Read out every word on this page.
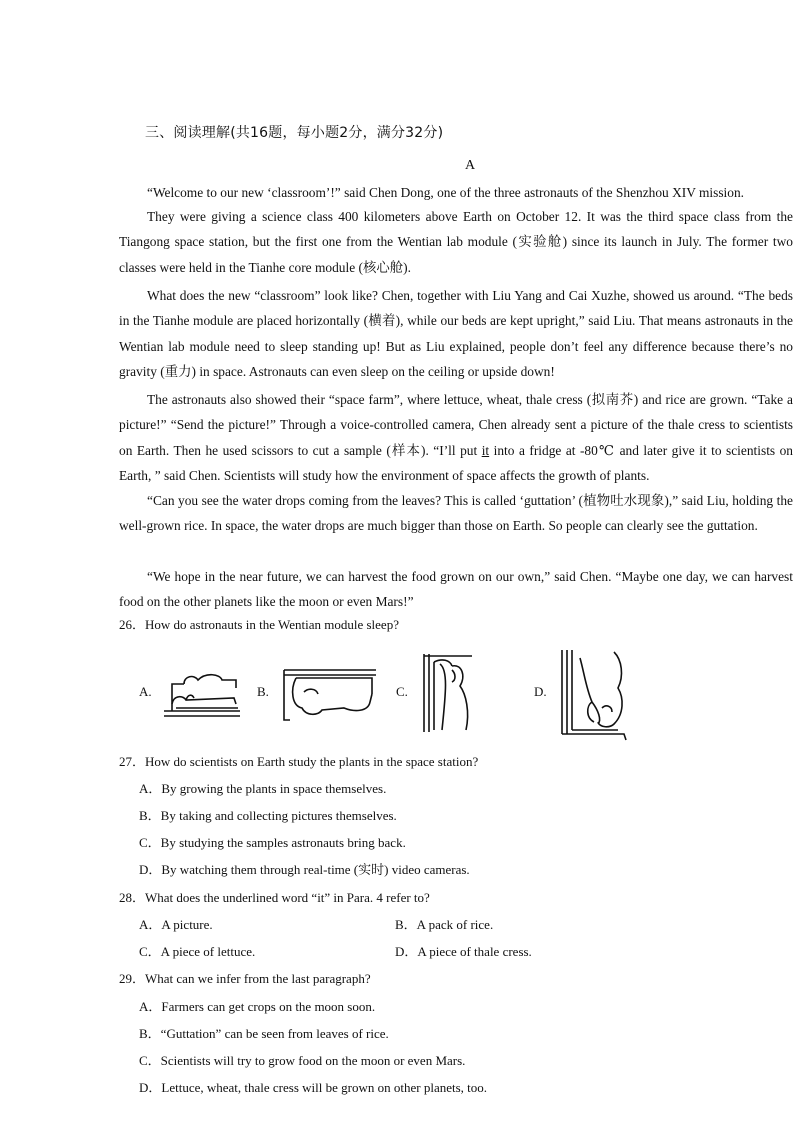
三、阅读理解(共16题，每小题2分，满分32分)
A

“Welcome to our new ‘classroom’!” said Chen Dong, one of the three astronauts of the Shenzhou XIV mission.

They were giving a science class 400 kilometers above Earth on October 12. It was the third space class from the Tiangong space station, but the first one from the Wentian lab module (实验舱) since its launch in July. The former two classes were held in the Tianhe core module (核心舱).

What does the new “classroom” look like? Chen, together with Liu Yang and Cai Xuzhe, showed us around. “The beds in the Tianhe module are placed horizontally (横着), while our beds are kept upright,” said Liu. That means astronauts in the Wentian lab module need to sleep standing up! But as Liu explained, people don’t feel any difference because there’s no gravity (重力) in space. Astronauts can even sleep on the ceiling or upside down!

The astronauts also showed their “space farm”, where lettuce, wheat, thale cress (拟南芥) and rice are grown. “Take a picture!” “Send the picture!” Through a voice-controlled camera, Chen already sent a picture of the thale cress to scientists on Earth. Then he used scissors to cut a sample (样本). “I’ll put it into a fridge at -80℃ and later give it to scientists on Earth, ” said Chen. Scientists will study how the environment of space affects the growth of plants.

“Can you see the water drops coming from the leaves? This is called ‘guttation’ (植物吐水现象),” said Liu, holding the well-grown rice. In space, the water drops are much bigger than those on Earth. So people can clearly see the guttation.

“We hope in the near future, we can harvest the food grown on our own,” said Chen. “Maybe one day, we can harvest food on the other planets like the moon or even Mars!”

26．How do astronauts in the Wentian module sleep?
A.	B.	C.	D.
27．How do scientists on Earth study the plants in the space station?
A．By growing the plants in space themselves.
B．By taking and collecting pictures themselves.
C．By studying the samples astronauts bring back.
D．By watching them through real-time (实时) video cameras.
28．What does the underlined word “it” in Para. 4 refer to?
A．A picture.	B．A pack of rice.
C．A piece of lettuce.	D．A piece of thale cress.
29．What can we infer from the last paragraph?
A．Farmers can get crops on the moon soon.
B．“Guttation” can be seen from leaves of rice.
C．Scientists will try to grow food on the moon or even Mars.
D．Lettuce, wheat, thale cress will be grown on other planets, too.
